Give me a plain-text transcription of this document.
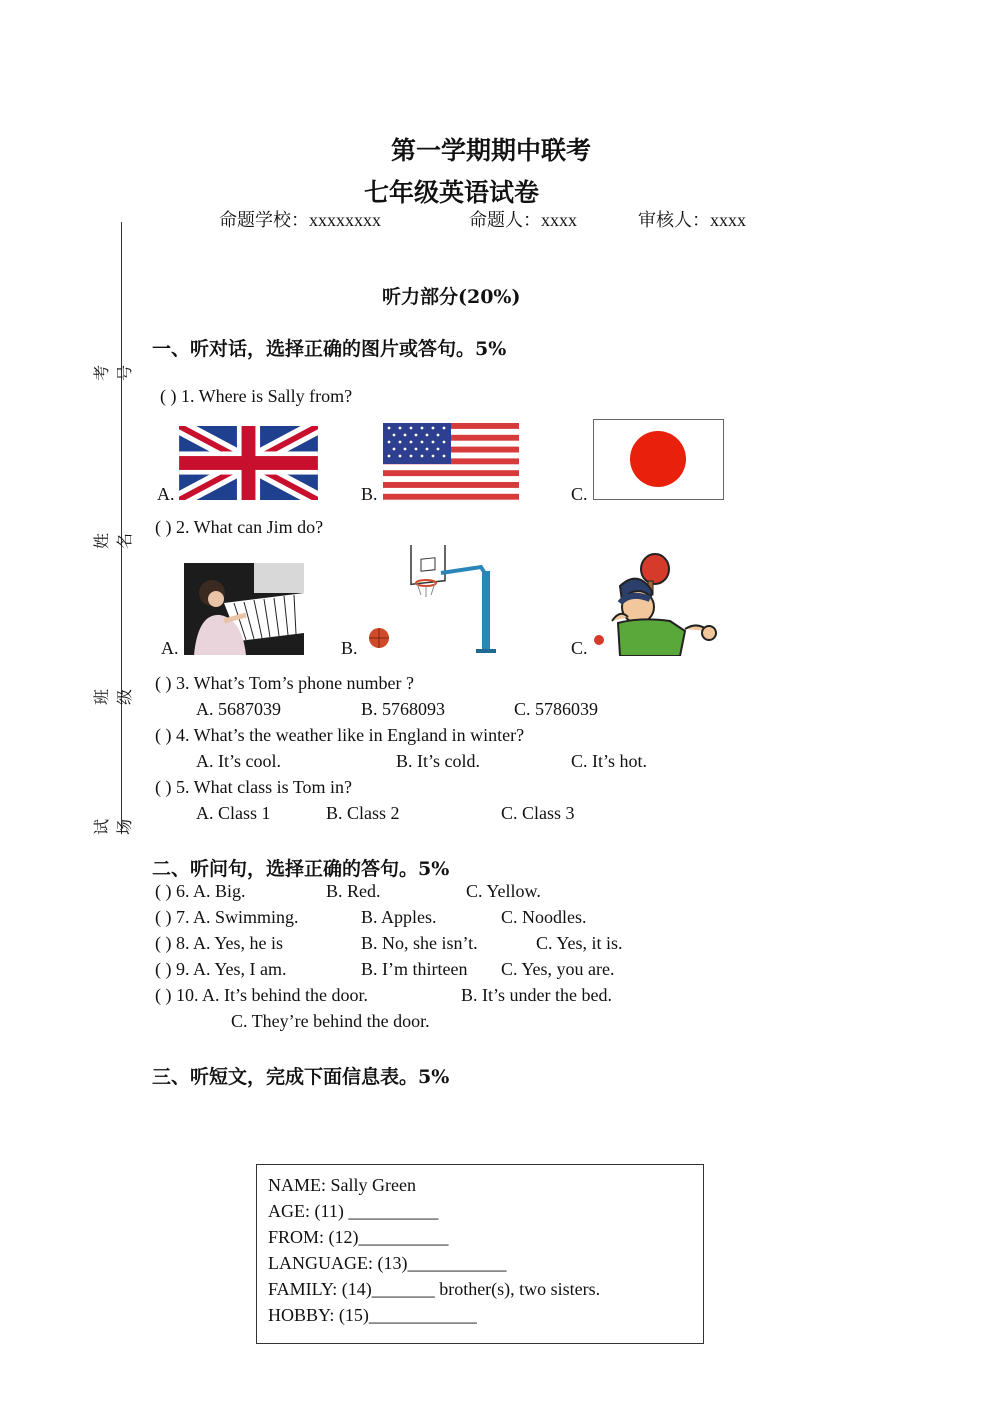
第一学期期中联考
七年级英语试卷
命题学校：xxxxxxxx	命题人：xxxx	审核人：xxxx
考号
姓名
班级
试场
听力部分(20%)
一、听对话，选择正确的图片或答句。5%
( ) 1. Where is Sally from?
A.	B.	C.
( ) 2. What can Jim do?
A.	B.	C.
( ) 3. What’s Tom’s phone number ?
A. 5687039	B. 5768093	C. 5786039
( ) 4. What’s the weather like in England in winter?
A. It’s cool.	B. It’s cold.	C. It’s hot.
( ) 5. What class is Tom in?
A. Class 1	B. Class 2	C. Class 3
二、听问句，选择正确的答句。5%
( ) 6. A. Big.	B. Red.	C. Yellow.
( ) 7. A. Swimming.	B. Apples.	C. Noodles.
( ) 8. A. Yes, he is	B. No, she isn’t.	C. Yes, it is.
( ) 9. A. Yes, I am.	B. I’m thirteen C. Yes, you are.
( ) 10. A. It’s behind the door.	B. It’s under the bed.
C. They’re behind the door.
三、听短文，完成下面信息表。5%
NAME: Sally Green
AGE: (11) __________
FROM: (12)__________
LANGUAGE: (13)___________
FAMILY: (14)_______ brother(s), two sisters.
HOBBY: (15)____________
